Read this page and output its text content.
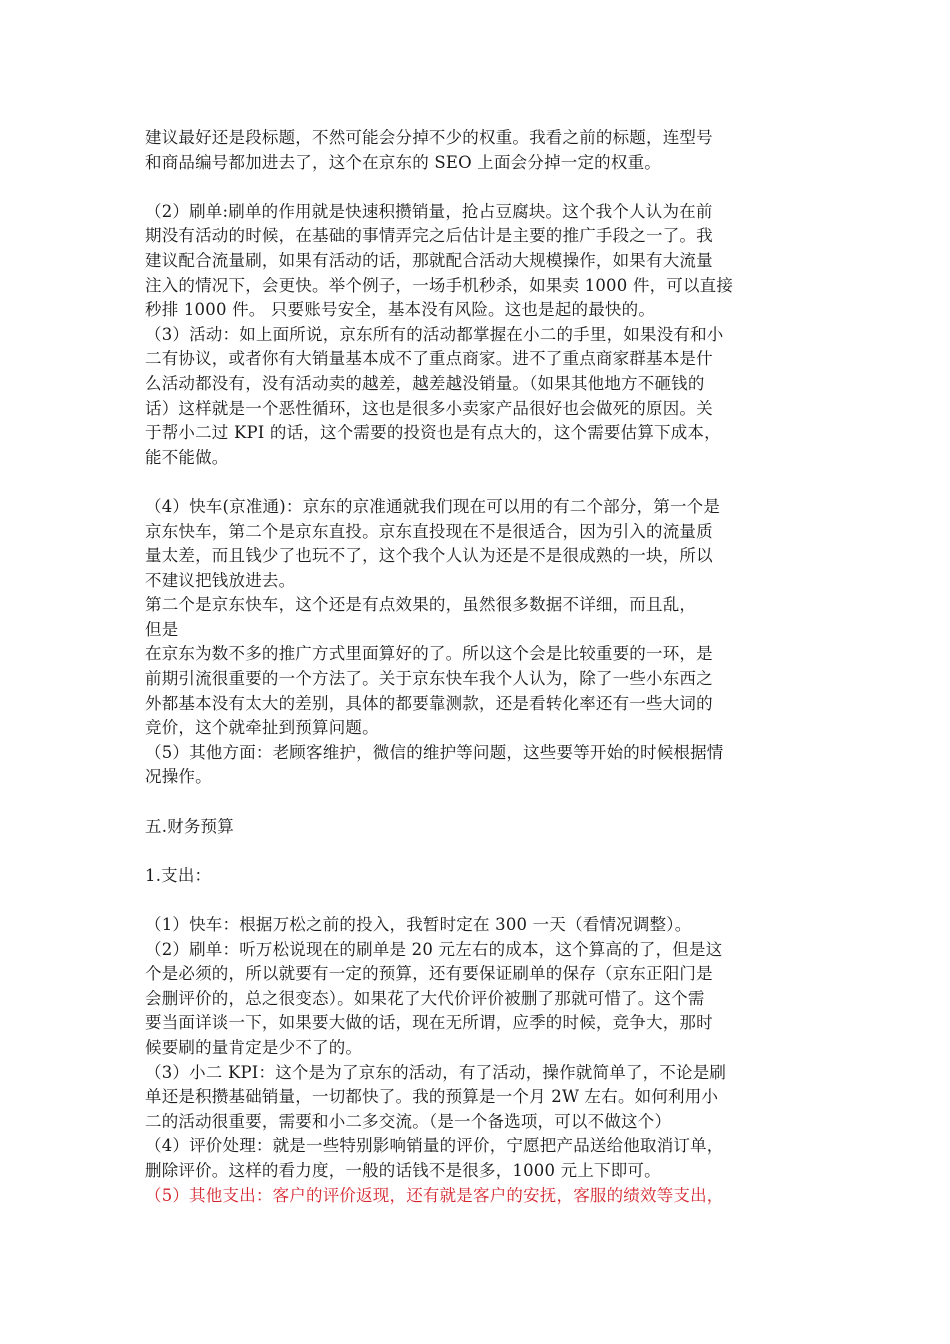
建议最好还是段标题，不然可能会分掉不少的权重。我看之前的标题，连型号
和商品编号都加进去了，这个在京东的 SEO 上面会分掉一定的权重。
（2）刷单:刷单的作用就是快速积攒销量，抢占豆腐块。这个我个人认为在前
期没有活动的时候，在基础的事情弄完之后估计是主要的推广手段之一了。我
建议配合流量刷，如果有活动的话，那就配合活动大规模操作，如果有大流量
注入的情况下，会更快。举个例子，一场手机秒杀，如果卖 1000 件，可以直接
秒排 1000 件。 只要账号安全，基本没有风险。这也是起的最快的。
（3）活动：如上面所说，京东所有的活动都掌握在小二的手里，如果没有和小
二有协议，或者你有大销量基本成不了重点商家。进不了重点商家群基本是什
么活动都没有，没有活动卖的越差，越差越没销量。（如果其他地方不砸钱的
话）这样就是一个恶性循环，这也是很多小卖家产品很好也会做死的原因。关
于帮小二过 KPI 的话，这个需要的投资也是有点大的，这个需要估算下成本，
能不能做。
（4）快车(京准通)：京东的京准通就我们现在可以用的有二个部分，第一个是
京东快车，第二个是京东直投。京东直投现在不是很适合，因为引入的流量质
量太差，而且钱少了也玩不了，这个我个人认为还是不是很成熟的一块，所以
不建议把钱放进去。
第二个是京东快车，这个还是有点效果的，虽然很多数据不详细，而且乱，
但是
在京东为数不多的推广方式里面算好的了。所以这个会是比较重要的一环，是
前期引流很重要的一个方法了。关于京东快车我个人认为，除了一些小东西之
外都基本没有太大的差别，具体的都要靠测款，还是看转化率还有一些大词的
竞价，这个就牵扯到预算问题。
（5）其他方面：老顾客维护，微信的维护等问题，这些要等开始的时候根据情
况操作。
五.财务预算
1.支出：
（1）快车：根据万松之前的投入，我暂时定在 300 一天（看情况调整）。
（2）刷单：听万松说现在的刷单是 20 元左右的成本，这个算高的了，但是这
个是必须的，所以就要有一定的预算，还有要保证刷单的保存（京东正阳门是
会删评价的，总之很变态）。如果花了大代价评价被删了那就可惜了。这个需
要当面详谈一下，如果要大做的话，现在无所谓，应季的时候，竞争大，那时
候要刷的量肯定是少不了的。
（3）小二 KPI：这个是为了京东的活动，有了活动，操作就简单了，不论是刷
单还是积攒基础销量，一切都快了。我的预算是一个月 2W 左右。如何利用小
二的活动很重要，需要和小二多交流。（是一个备选项，可以不做这个）
（4）评价处理：就是一些特别影响销量的评价，宁愿把产品送给他取消订单，
删除评价。这样的看力度，一般的话钱不是很多，1000 元上下即可。
（5）其他支出：客户的评价返现，还有就是客户的安抚，客服的绩效等支出，
